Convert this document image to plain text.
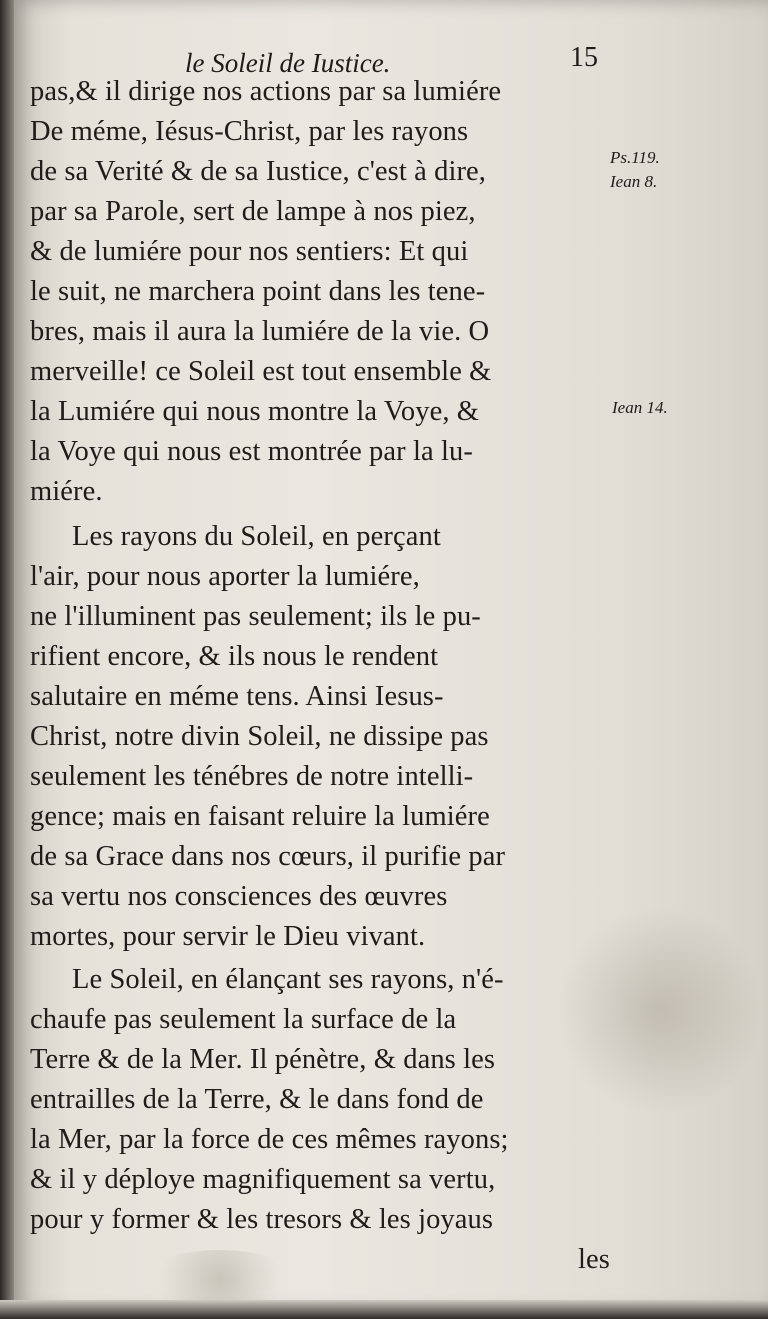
le Soleil de Iustice.	15
pas,& il dirige nos actions par sa lumiére
De méme, Iésus-Christ, par les rayons
de sa Verité & de sa Iustice, c'est à dire,
par sa Parole, sert de lampe à nos piez,
& de lumiére pour nos sentiers: Et qui
le suit, ne marchera point dans les tene-
bres, mais il aura la lumiére de la vie. O
merveille! ce Soleil est tout ensemble &
la Lumiére qui nous montre la Voye, &
la Voye qui nous est montrée par la lu-
miére.
Les rayons du Soleil, en perçant
l'air, pour nous aporter la lumiére,
ne l'illuminent pas seulement; ils le pu-
rifient encore, & ils nous le rendent
salutaire en méme tens. Ainsi Iesus-
Christ, notre divin Soleil, ne dissipe pas
seulement les ténébres de notre intelli-
gence; mais en faisant reluire la lumiére
de sa Grace dans nos cœurs, il purifie par
sa vertu nos consciences des œuvres
mortes, pour servir le Dieu vivant.
Le Soleil, en élançant ses rayons, n'é-
chaufe pas seulement la surface de la
Terre & de la Mer. Il pénètre, & dans les
entrailles de la Terre, & le dans fond de
la Mer, par la force de ces mêmes rayons;
& il y déploye magnifiquement sa vertu,
pour y former & les tresors & les joyaus
les
Ps.119.
Iean 8.
Iean 14.
